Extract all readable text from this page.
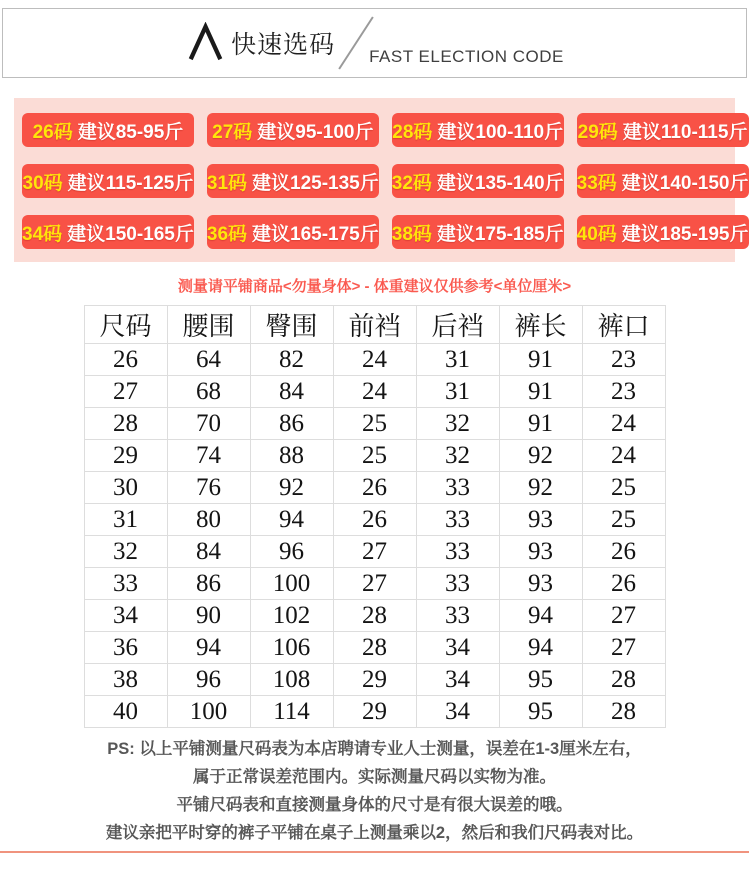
快速选码 FAST ELECTION CODE
26码 建议85-95斤 27码 建议95-100斤 28码 建议100-110斤 29码 建议110-115斤
30码 建议115-125斤 31码 建议125-135斤 32码 建议135-140斤 33码 建议140-150斤
34码 建议150-165斤 36码 建议165-175斤 38码 建议175-185斤 40码 建议185-195斤
测量请平铺商品<勿量身体> - 体重建议仅供参考<单位厘米>
尺码	腰围	臀围	前裆	后裆	裤长	裤口
26	64	82	24	31	91	23
27	68	84	24	31	91	23
28	70	86	25	32	91	24
29	74	88	25	32	92	24
30	76	92	26	33	92	25
31	80	94	26	33	93	25
32	84	96	27	33	93	26
33	86	100	27	33	93	26
34	90	102	28	33	94	27
36	94	106	28	34	94	27
38	96	108	29	34	95	28
40	100	114	29	34	95	28

PS: 以上平铺测量尺码表为本店聘请专业人士测量，误差在1-3厘米左右，

属于正常误差范围内。实际测量尺码以实物为准。

平铺尺码表和直接测量身体的尺寸是有很大误差的哦。

建议亲把平时穿的裤子平铺在桌子上测量乘以2，然后和我们尺码表对比。
